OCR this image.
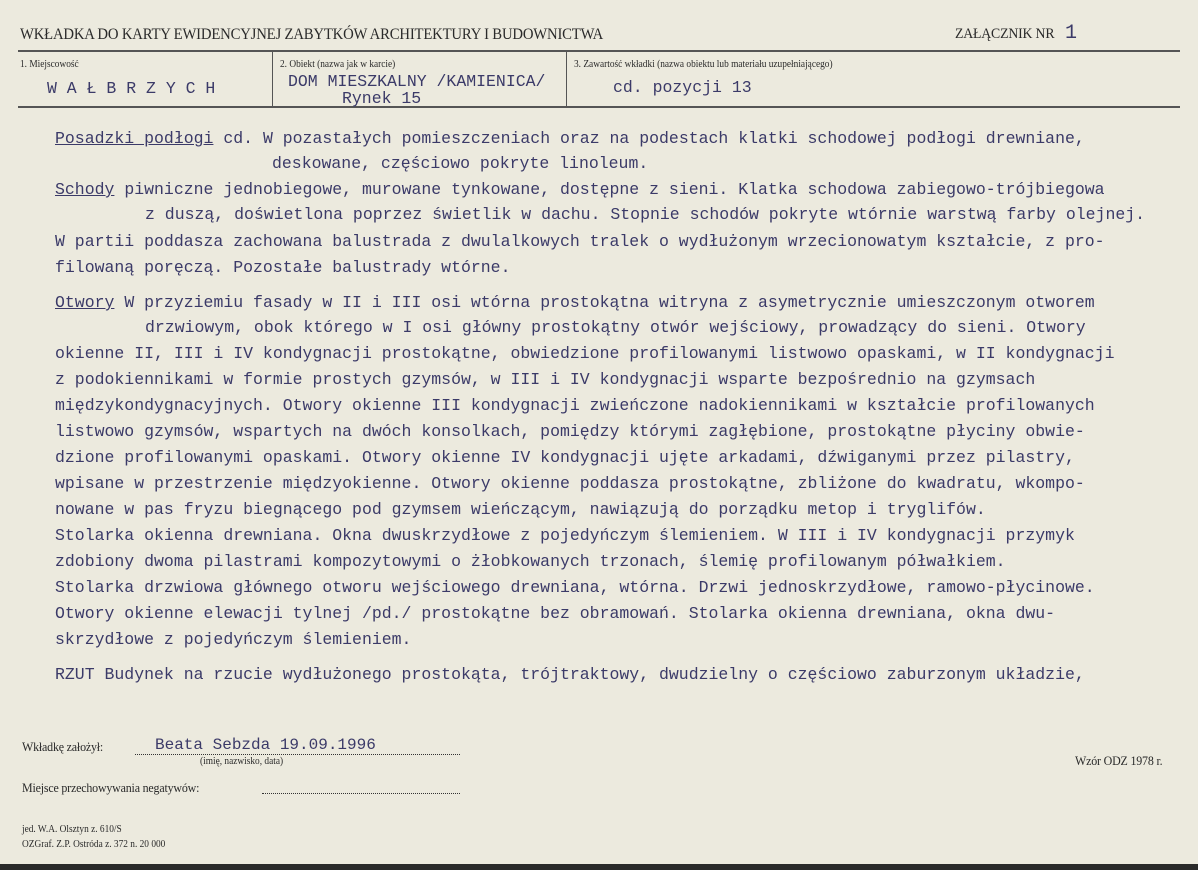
WKŁADKA DO KARTY EWIDENCYJNEJ ZABYTKÓW ARCHITEKTURY I BUDOWNICTWA	ZAŁĄCZNIK NR 1
1. Miejscowość
W A Ł B R Z Y C H
2. Obiekt (nazwa jak w karcie)
DOM MIESZKALNY /KAMIENICA/
Rynek 15
3. Zawartość wkładki (nazwa obiektu lub materiału uzupełniającego)
cd. pozycji 13
Posadzki podłogi cd. W pozastałych pomieszczeniach oraz na podestach klatki schodowej podłogi drewniane,
deskowane, częściowo pokryte linoleum.
Schody piwniczne jednobiegowe, murowane tynkowane, dostępne z sieni. Klatka schodowa zabiegowo-trójbiegowa
z duszą, doświetlona poprzez świetlik w dachu. Stopnie schodów pokryte wtórnie warstwą farby olejnej.
W partii poddasza zachowana balustrada z dwulalkowych tralek o wydłużonym wrzecionowatym kształcie, z pro-
filowaną poręczą. Pozostałe balustrady wtórne.
Otwory W przyziemiu fasady w II i III osi wtórna prostokątna witryna z asymetrycznie umieszczonym otworem
drzwiowym, obok którego w I osi główny prostokątny otwór wejściowy, prowadzący do sieni. Otwory
okienne II, III i IV kondygnacji prostokątne, obwiedzione profilowanymi listwowo opaskami, w II kondygnacji
z podokiennikami w formie prostych gzymsów, w III i IV kondygnacji wsparte bezpośrednio na gzymsach
międzykondygnacyjnych. Otwory okienne III kondygnacji zwieńczone nadokiennikami w kształcie profilowanych
listwowo gzymsów, wspartych na dwóch konsolkach, pomiędzy którymi zagłębione, prostokątne płyciny obwie-
dzione profilowanymi opaskami. Otwory okienne IV kondygnacji ujęte arkadami, dźwiganymi przez pilastry,
wpisane w przestrzenie międzyokienne. Otwory okienne poddasza prostokątne, zbliżone do kwadratu, wkompo-
nowane w pas fryzu biegnącego pod gzymsem wieńczącym, nawiązują do porządku metop i tryglifów.
Stolarka okienna drewniana. Okna dwuskrzydłowe z pojedyńczym ślemieniem. W III i IV kondygnacji przymyk
zdobiony dwoma pilastrami kompozytowymi o żłobkowanych trzonach, ślemię profilowanym półwałkiem.
Stolarka drzwiowa głównego otworu wejściowego drewniana, wtórna. Drzwi jednoskrzydłowe, ramowo-płycinowe.
Otwory okienne elewacji tylnej /pd./ prostokątne bez obramowań. Stolarka okienna drewniana, okna dwu-
skrzydłowe z pojedyńczym ślemieniem.
RZUT Budynek na rzucie wydłużonego prostokąta, trójtraktowy, dwudzielny o częściowo zaburzonym układzie,
Wkładkę założył:	Beata Sebzda 19.09.1996
(imię, nazwisko, data)	Wzór ODZ 1978 r.
Miejsce przechowywania negatywów:
jed. W.A. Olsztyn z. 610/S
OZGraf. Z.P. Ostróda z. 372 n. 20 000
